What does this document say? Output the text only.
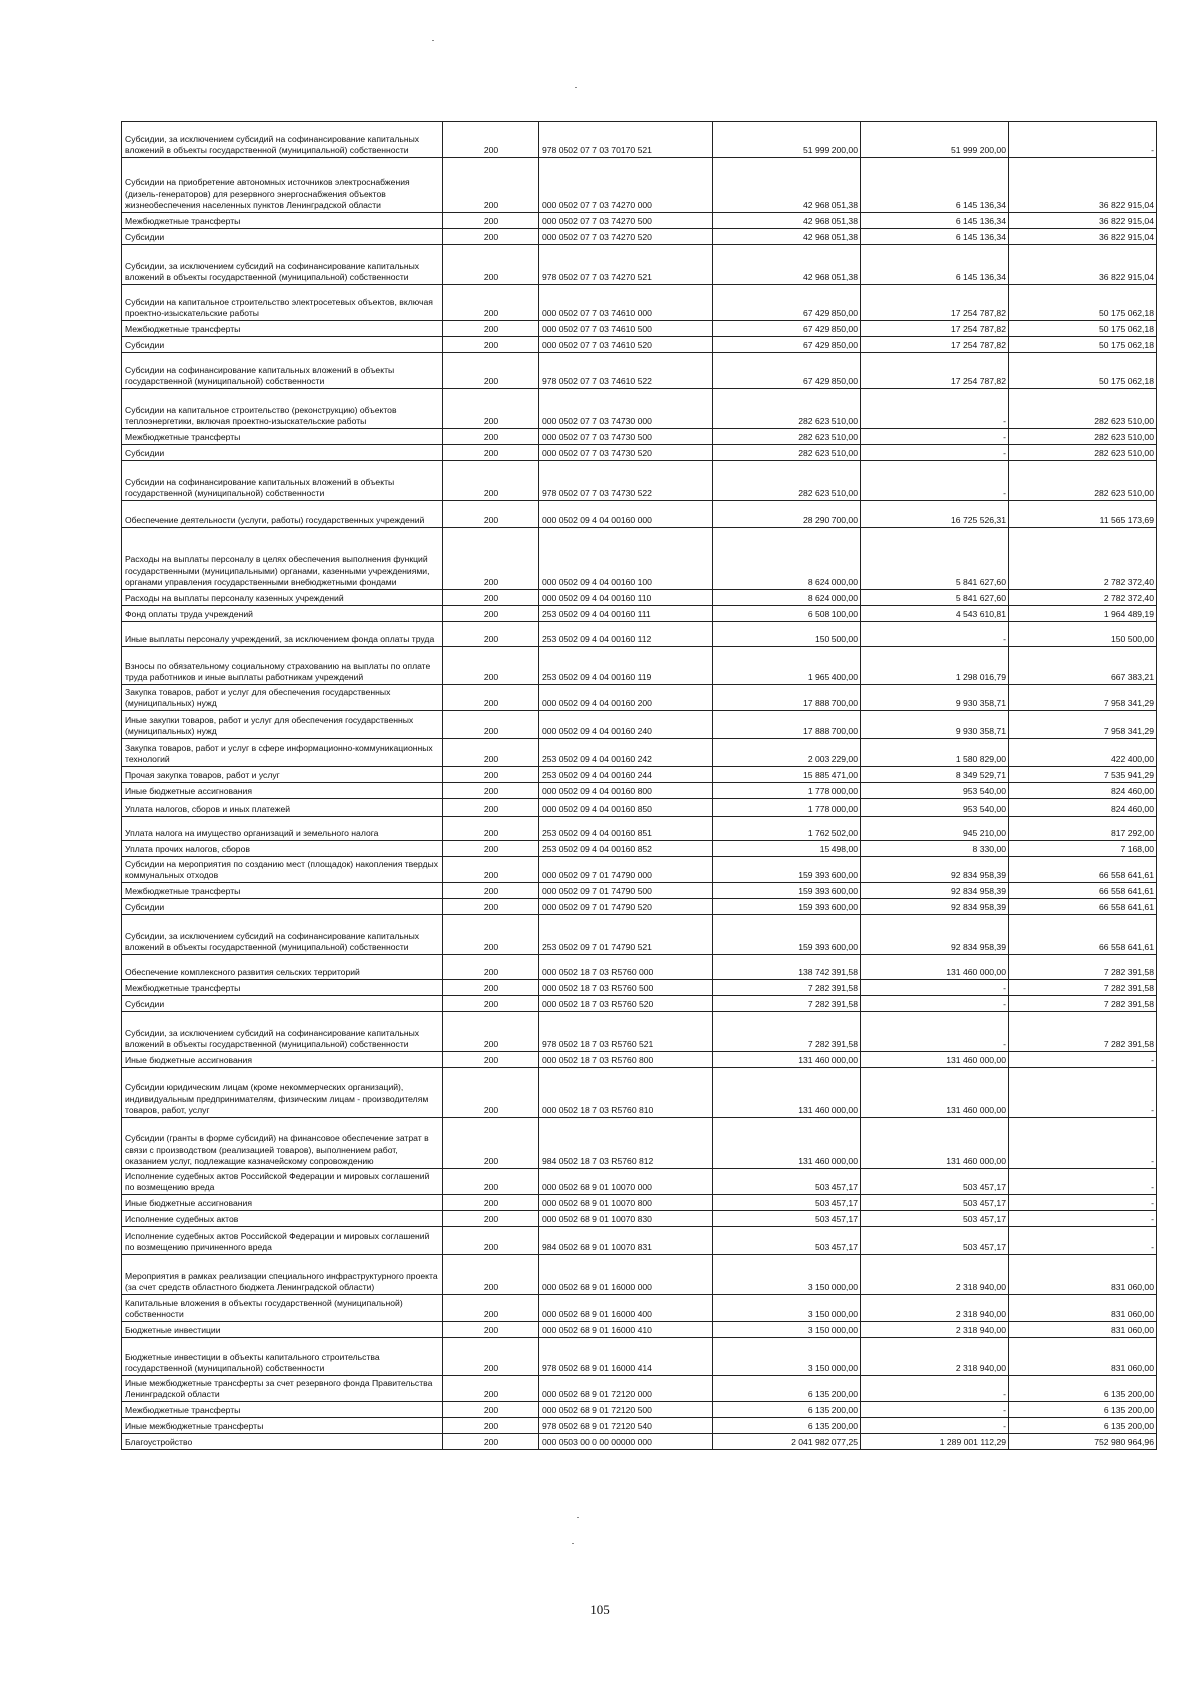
Субсидии, за исключением субсидий на софинансирование капитальных вложений в объекты государственной (муниципальной) собственности	200	978 0502 07 7 03 70170 521	51 999 200,00	51 999 200,00	-
Субсидии на приобретение автономных источников электроснабжения (дизель-генераторов) для резервного энергоснабжения объектов жизнеобеспечения населенных пунктов Ленинградской области	200	000 0502 07 7 03 74270 000	42 968 051,38	6 145 136,34	36 822 915,04
Межбюджетные трансферты	200	000 0502 07 7 03 74270 500	42 968 051,38	6 145 136,34	36 822 915,04
Субсидии	200	000 0502 07 7 03 74270 520	42 968 051,38	6 145 136,34	36 822 915,04
Субсидии, за исключением субсидий на софинансирование капитальных вложений в объекты государственной (муниципальной) собственности	200	978 0502 07 7 03 74270 521	42 968 051,38	6 145 136,34	36 822 915,04
Субсидии на капитальное строительство электросетевых объектов, включая проектно-изыскательские работы	200	000 0502 07 7 03 74610 000	67 429 850,00	17 254 787,82	50 175 062,18
Межбюджетные трансферты	200	000 0502 07 7 03 74610 500	67 429 850,00	17 254 787,82	50 175 062,18
Субсидии	200	000 0502 07 7 03 74610 520	67 429 850,00	17 254 787,82	50 175 062,18
Субсидии на софинансирование капитальных вложений в объекты государственной (муниципальной) собственности	200	978 0502 07 7 03 74610 522	67 429 850,00	17 254 787,82	50 175 062,18
Субсидии на капитальное строительство (реконструкцию) объектов теплоэнергетики, включая проектно-изыскательские работы	200	000 0502 07 7 03 74730 000	282 623 510,00	-	282 623 510,00
Межбюджетные трансферты	200	000 0502 07 7 03 74730 500	282 623 510,00	-	282 623 510,00
Субсидии	200	000 0502 07 7 03 74730 520	282 623 510,00	-	282 623 510,00
Субсидии на софинансирование капитальных вложений в объекты государственной (муниципальной) собственности	200	978 0502 07 7 03 74730 522	282 623 510,00	-	282 623 510,00
Обеспечение деятельности (услуги, работы) государственных учреждений	200	000 0502 09 4 04 00160 000	28 290 700,00	16 725 526,31	11 565 173,69
Расходы на выплаты персоналу в целях обеспечения выполнения функций государственными (муниципальными) органами, казенными учреждениями, органами управления государственными внебюджетными фондами	200	000 0502 09 4 04 00160 100	8 624 000,00	5 841 627,60	2 782 372,40
Расходы на выплаты персоналу казенных учреждений	200	000 0502 09 4 04 00160 110	8 624 000,00	5 841 627,60	2 782 372,40
Фонд оплаты труда учреждений	200	253 0502 09 4 04 00160 111	6 508 100,00	4 543 610,81	1 964 489,19
Иные выплаты персоналу учреждений, за исключением фонда оплаты труда	200	253 0502 09 4 04 00160 112	150 500,00	-	150 500,00
Взносы по обязательному социальному страхованию на выплаты по оплате труда работников и иные выплаты работникам учреждений	200	253 0502 09 4 04 00160 119	1 965 400,00	1 298 016,79	667 383,21
Закупка товаров, работ и услуг для обеспечения государственных (муниципальных) нужд	200	000 0502 09 4 04 00160 200	17 888 700,00	9 930 358,71	7 958 341,29
Иные закупки товаров, работ и услуг для обеспечения государственных (муниципальных) нужд	200	000 0502 09 4 04 00160 240	17 888 700,00	9 930 358,71	7 958 341,29
Закупка товаров, работ и услуг в сфере информационно-коммуникационных технологий	200	253 0502 09 4 04 00160 242	2 003 229,00	1 580 829,00	422 400,00
Прочая закупка товаров, работ и услуг	200	253 0502 09 4 04 00160 244	15 885 471,00	8 349 529,71	7 535 941,29
Иные бюджетные ассигнования	200	000 0502 09 4 04 00160 800	1 778 000,00	953 540,00	824 460,00
Уплата налогов, сборов и иных платежей	200	000 0502 09 4 04 00160 850	1 778 000,00	953 540,00	824 460,00
Уплата налога на имущество организаций и земельного налога	200	253 0502 09 4 04 00160 851	1 762 502,00	945 210,00	817 292,00
Уплата прочих налогов, сборов	200	253 0502 09 4 04 00160 852	15 498,00	8 330,00	7 168,00
Субсидии на мероприятия по созданию мест (площадок) накопления твердых коммунальных отходов	200	000 0502 09 7 01 74790 000	159 393 600,00	92 834 958,39	66 558 641,61
Межбюджетные трансферты	200	000 0502 09 7 01 74790 500	159 393 600,00	92 834 958,39	66 558 641,61
Субсидии	200	000 0502 09 7 01 74790 520	159 393 600,00	92 834 958,39	66 558 641,61
Субсидии, за исключением субсидий на софинансирование капитальных вложений в объекты государственной (муниципальной) собственности	200	253 0502 09 7 01 74790 521	159 393 600,00	92 834 958,39	66 558 641,61
Обеспечение комплексного развития сельских территорий	200	000 0502 18 7 03 R5760 000	138 742 391,58	131 460 000,00	7 282 391,58
Межбюджетные трансферты	200	000 0502 18 7 03 R5760 500	7 282 391,58	-	7 282 391,58
Субсидии	200	000 0502 18 7 03 R5760 520	7 282 391,58	-	7 282 391,58
Субсидии, за исключением субсидий на софинансирование капитальных вложений в объекты государственной (муниципальной) собственности	200	978 0502 18 7 03 R5760 521	7 282 391,58	-	7 282 391,58
Иные бюджетные ассигнования	200	000 0502 18 7 03 R5760 800	131 460 000,00	131 460 000,00	-
Субсидии юридическим лицам (кроме некоммерческих организаций), индивидуальным предпринимателям, физическим лицам - производителям товаров, работ, услуг	200	000 0502 18 7 03 R5760 810	131 460 000,00	131 460 000,00	-
Субсидии (гранты в форме субсидий) на финансовое обеспечение затрат в связи с производством (реализацией товаров), выполнением работ, оказанием услуг, подлежащие казначейскому сопровождению	200	984 0502 18 7 03 R5760 812	131 460 000,00	131 460 000,00	-
Исполнение судебных актов Российской Федерации и мировых соглашений по возмещению вреда	200	000 0502 68 9 01 10070 000	503 457,17	503 457,17	-
Иные бюджетные ассигнования	200	000 0502 68 9 01 10070 800	503 457,17	503 457,17	-
Исполнение судебных актов	200	000 0502 68 9 01 10070 830	503 457,17	503 457,17	-
Исполнение судебных актов Российской Федерации и мировых соглашений по возмещению причиненного вреда	200	984 0502 68 9 01 10070 831	503 457,17	503 457,17	-
Мероприятия в рамках реализации специального инфраструктурного проекта (за счет средств областного бюджета Ленинградской области)	200	000 0502 68 9 01 16000 000	3 150 000,00	2 318 940,00	831 060,00
Капитальные вложения в объекты государственной (муниципальной) собственности	200	000 0502 68 9 01 16000 400	3 150 000,00	2 318 940,00	831 060,00
Бюджетные инвестиции	200	000 0502 68 9 01 16000 410	3 150 000,00	2 318 940,00	831 060,00
Бюджетные инвестиции в объекты капитального строительства государственной (муниципальной) собственности	200	978 0502 68 9 01 16000 414	3 150 000,00	2 318 940,00	831 060,00
Иные межбюджетные трансферты за счет резервного фонда Правительства Ленинградской области	200	000 0502 68 9 01 72120 000	6 135 200,00	-	6 135 200,00
Межбюджетные трансферты	200	000 0502 68 9 01 72120 500	6 135 200,00	-	6 135 200,00
Иные межбюджетные трансферты	200	978 0502 68 9 01 72120 540	6 135 200,00	-	6 135 200,00
Благоустройство	200	000 0503 00 0 00 00000 000	2 041 982 077,25	1 289 001 112,29	752 980 964,96
105
